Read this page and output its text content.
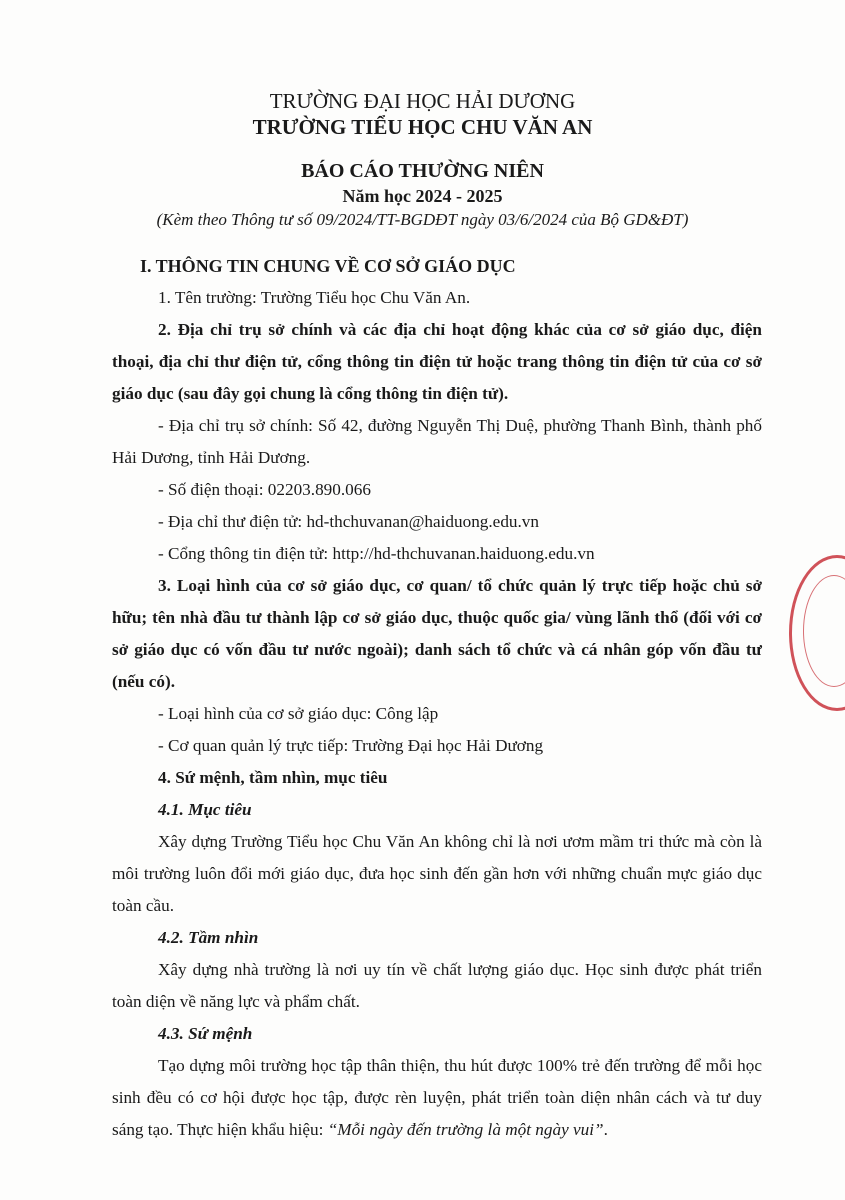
TRƯỜNG ĐẠI HỌC HẢI DƯƠNG
TRƯỜNG TIỂU HỌC CHU VĂN AN
BÁO CÁO THƯỜNG NIÊN
Năm học 2024 - 2025
(Kèm theo Thông tư số 09/2024/TT-BGDĐT ngày 03/6/2024 của Bộ GD&ĐT)

I. THÔNG TIN CHUNG VỀ CƠ SỞ GIÁO DỤC

1. Tên trường: Trường Tiểu học Chu Văn An.

2. Địa chỉ trụ sở chính và các địa chỉ hoạt động khác của cơ sở giáo dục, điện thoại, địa chỉ thư điện tử, cổng thông tin điện tử hoặc trang thông tin điện tử của cơ sở giáo dục (sau đây gọi chung là cổng thông tin điện tử).

- Địa chỉ trụ sở chính: Số 42, đường Nguyễn Thị Duệ, phường Thanh Bình, thành phố Hải Dương, tỉnh Hải Dương.

- Số điện thoại: 02203.890.066

- Địa chỉ thư điện tử: hd-thchuvanan@haiduong.edu.vn

- Cổng thông tin điện tử: http://hd-thchuvanan.haiduong.edu.vn

3. Loại hình của cơ sở giáo dục, cơ quan/ tổ chức quản lý trực tiếp hoặc chủ sở hữu; tên nhà đầu tư thành lập cơ sở giáo dục, thuộc quốc gia/ vùng lãnh thổ (đối với cơ sở giáo dục có vốn đầu tư nước ngoài); danh sách tổ chức và cá nhân góp vốn đầu tư (nếu có).

- Loại hình của cơ sở giáo dục: Công lập

- Cơ quan quản lý trực tiếp: Trường Đại học Hải Dương

4. Sứ mệnh, tầm nhìn, mục tiêu

4.1. Mục tiêu

Xây dựng Trường Tiểu học Chu Văn An không chỉ là nơi ươm mầm tri thức mà còn là môi trường luôn đổi mới giáo dục, đưa học sinh đến gần hơn với những chuẩn mực giáo dục toàn cầu.

4.2. Tầm nhìn

Xây dựng nhà trường là nơi uy tín về chất lượng giáo dục. Học sinh được phát triển toàn diện về năng lực và phẩm chất.

4.3. Sứ mệnh

Tạo dựng môi trường học tập thân thiện, thu hút được 100% trẻ đến trường để mỗi học sinh đều có cơ hội được học tập, được rèn luyện, phát triển toàn diện nhân cách và tư duy sáng tạo. Thực hiện khẩu hiệu: “Mỗi ngày đến trường là một ngày vui”.
